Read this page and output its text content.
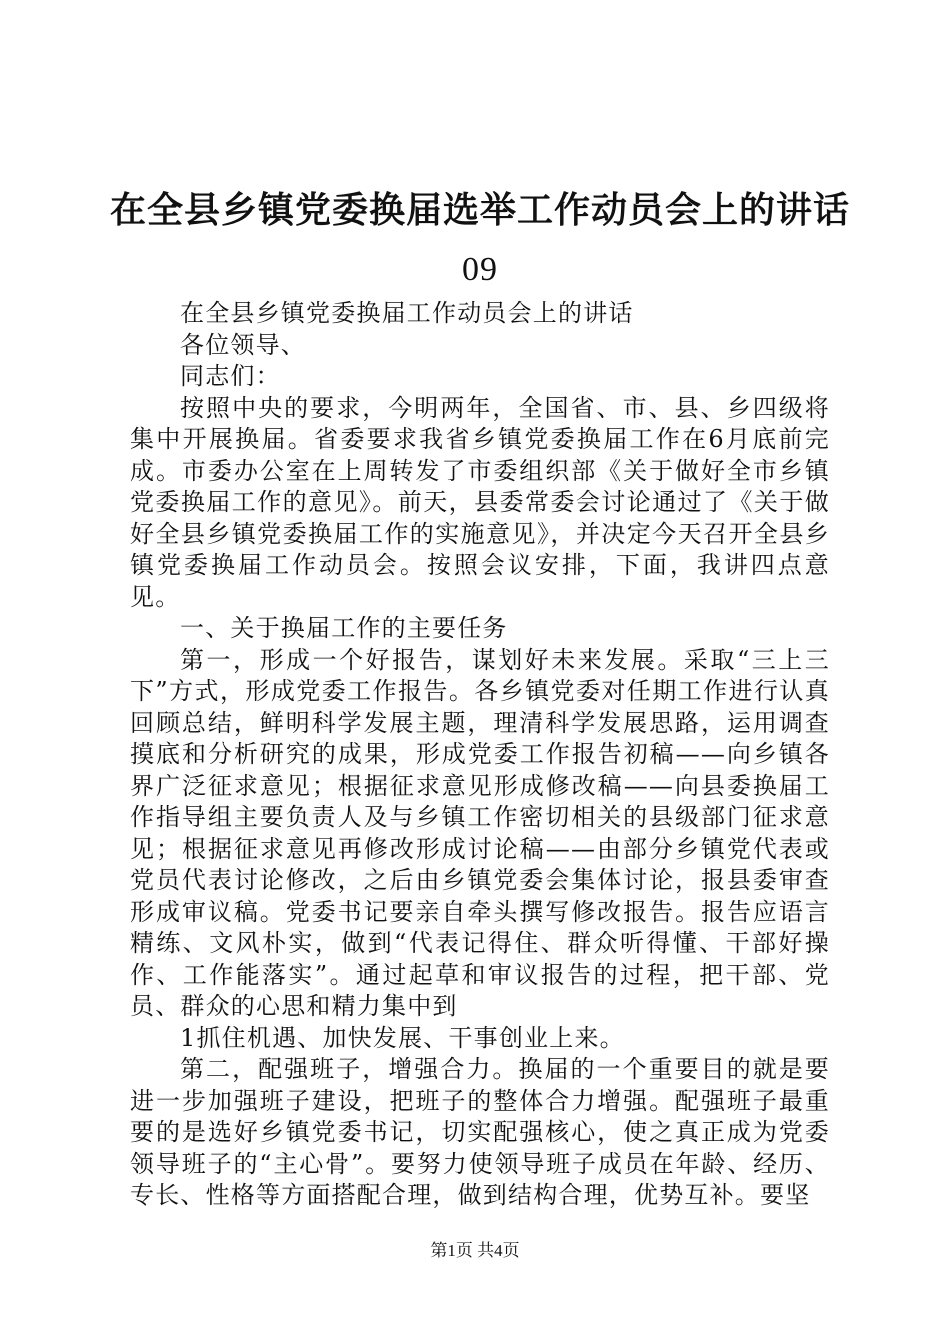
在全县乡镇党委换届选举工作动员会上的讲话
09

在全县乡镇党委换届工作动员会上的讲话

各位领导、

同志们：

按照中央的要求，今明两年，全国省、市、县、乡四级将集中开展换届。省委要求我省乡镇党委换届工作在6月底前完成。市委办公室在上周转发了市委组织部《关于做好全市乡镇党委换届工作的意见》。前天，县委常委会讨论通过了《关于做好全县乡镇党委换届工作的实施意见》，并决定今天召开全县乡镇党委换届工作动员会。按照会议安排，下面，我讲四点意见。

一、关于换届工作的主要任务

第一，形成一个好报告，谋划好未来发展。采取“三上三下”方式，形成党委工作报告。各乡镇党委对任期工作进行认真回顾总结，鲜明科学发展主题，理清科学发展思路，运用调查摸底和分析研究的成果，形成党委工作报告初稿——向乡镇各界广泛征求意见；根据征求意见形成修改稿——向县委换届工作指导组主要负责人及与乡镇工作密切相关的县级部门征求意见；根据征求意见再修改形成讨论稿——由部分乡镇党代表或党员代表讨论修改，之后由乡镇党委会集体讨论，报县委审查形成审议稿。党委书记要亲自牵头撰写修改报告。报告应语言精练、文风朴实，做到“代表记得住、群众听得懂、干部好操作、工作能落实”。通过起草和审议报告的过程，把干部、党员、群众的心思和精力集中到

1抓住机遇、加快发展、干事创业上来。

第二，配强班子，增强合力。换届的一个重要目的就是要进一步加强班子建设，把班子的整体合力增强。配强班子最重要的是选好乡镇党委书记，切实配强核心，使之真正成为党委领导班子的“主心骨”。要努力使领导班子成员在年龄、经历、专长、性格等方面搭配合理，做到结构合理，优势互补。要坚

第1页 共4页
